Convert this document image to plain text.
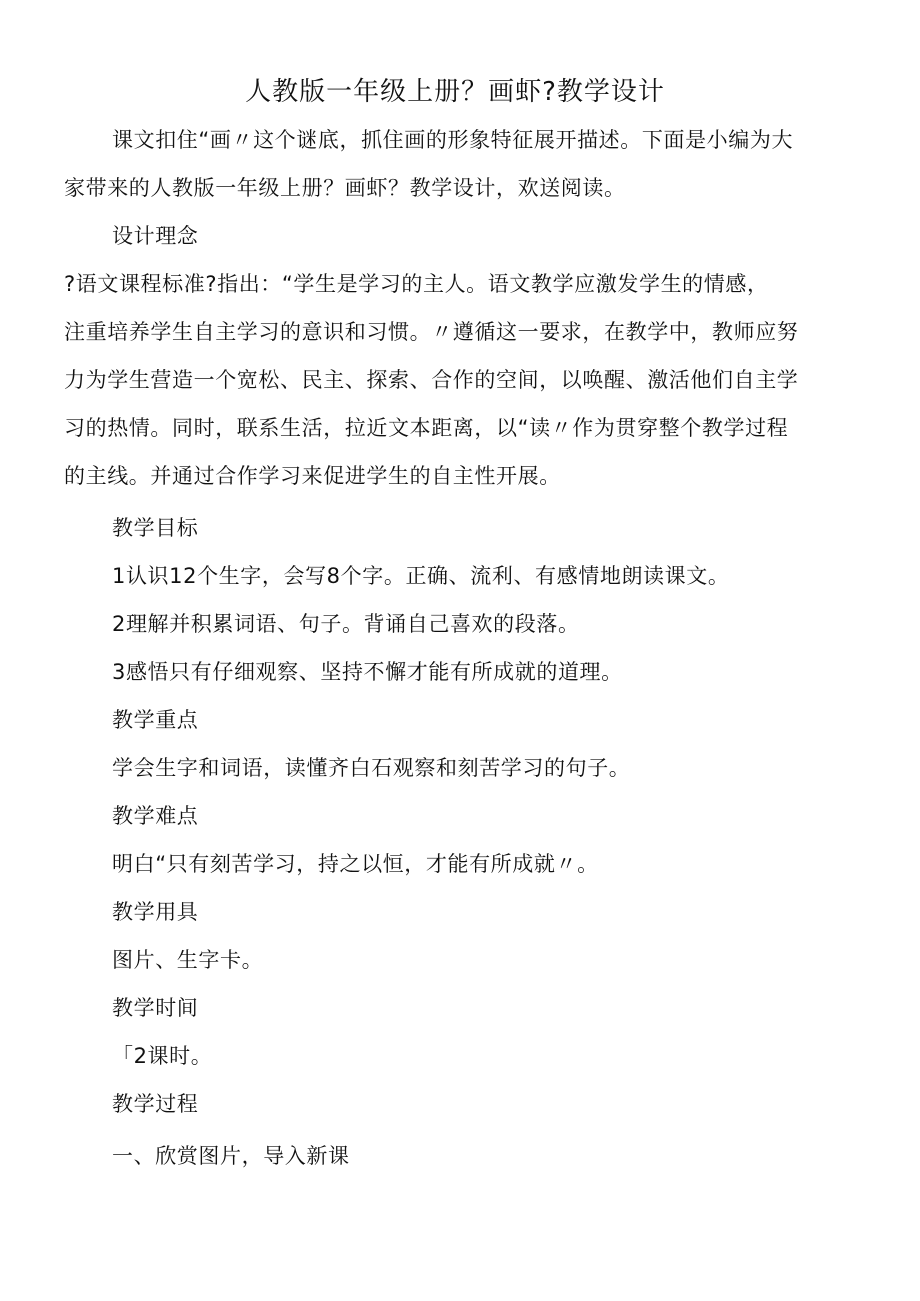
人教版一年级上册？画虾?教学设计
课文扣住“画〃这个谜底，抓住画的形象特征展开描述。下面是小编为大
家带来的人教版一年级上册？画虾？教学设计，欢送阅读。
设计理念
?语文课程标准?指出：“学生是学习的主人。语文教学应激发学生的情感，
注重培养学生自主学习的意识和习惯。〃遵循这一要求，在教学中，教师应努
力为学生营造一个宽松、民主、探索、合作的空间，以唤醒、激活他们自主学
习的热情。同时，联系生活，拉近文本距离，以“读〃作为贯穿整个教学过程
的主线。并通过合作学习来促进学生的自主性开展。
教学目标
1认识12个生字，会写8个字。正确、流利、有感情地朗读课文。
2理解并积累词语、句子。背诵自己喜欢的段落。
3感悟只有仔细观察、坚持不懈才能有所成就的道理。
教学重点
学会生字和词语，读懂齐白石观察和刻苦学习的句子。
教学难点
明白“只有刻苦学习，持之以恒，才能有所成就〃。
教学用具
图片、生字卡。
教学时间
「2课时。
教学过程
一、欣赏图片，导入新课
